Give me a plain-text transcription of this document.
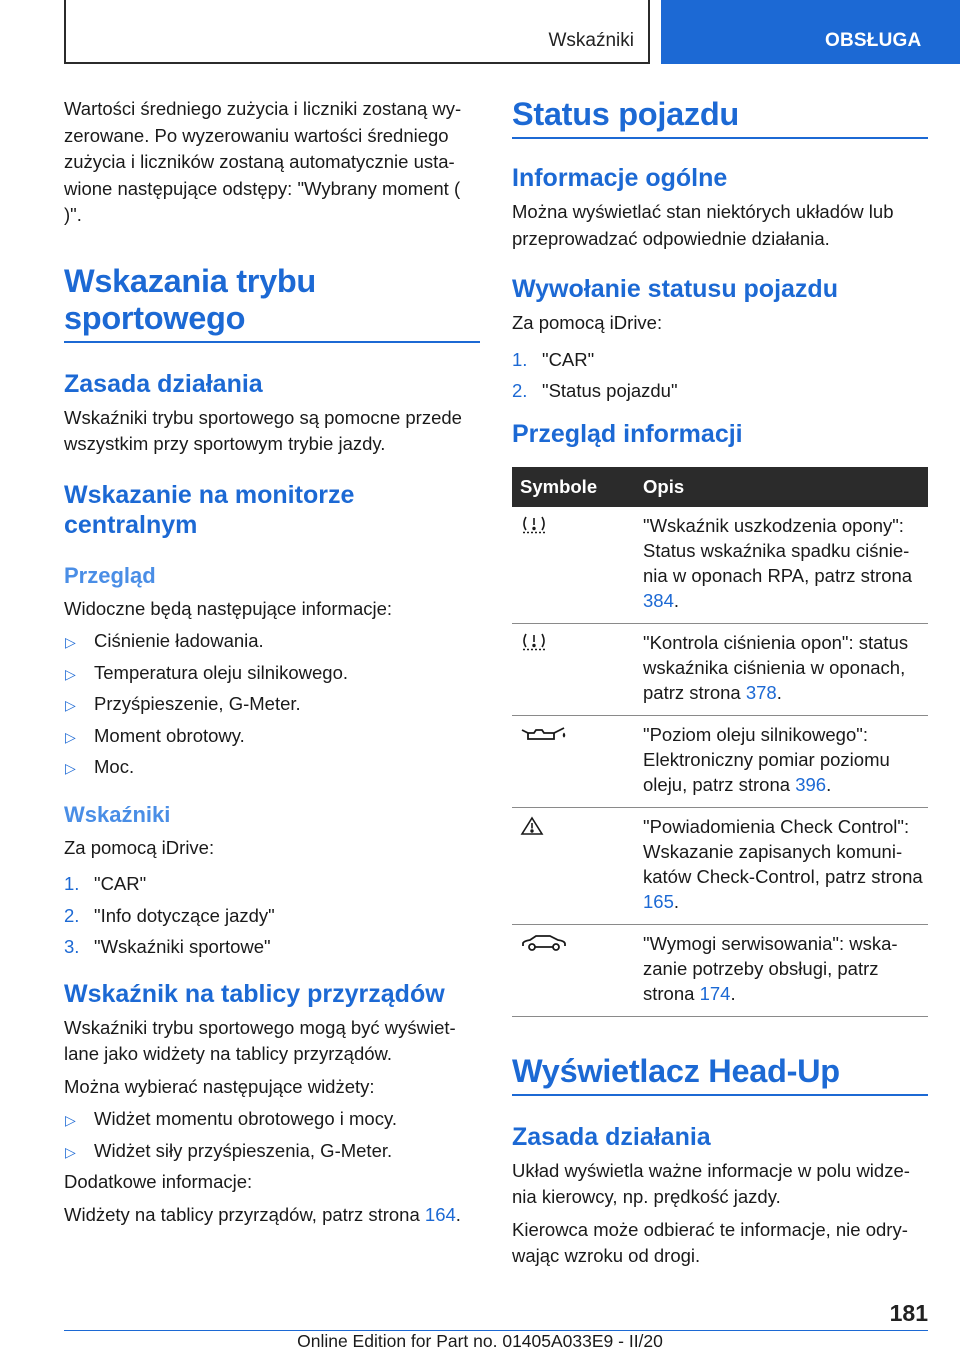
Wskaźniki	OBSŁUGA

Wartości średniego zużycia i liczniki zostaną wy-zerowane. Po wyzerowaniu wartości średniego zużycia i liczników zostaną automatycznie usta-wione następujące odstępy: "Wybrany moment ( )".

Wskazania trybu sportowego
Zasada działania

Wskaźniki trybu sportowego są pomocne przede wszystkim przy sportowym trybie jazdy.

Wskazanie na monitorze centralnym
Przegląd

Widoczne będą następujące informacje:

▷ Ciśnienie ładowania.
▷ Temperatura oleju silnikowego.
▷ Przyśpieszenie, G-Meter.
▷ Moment obrotowy.
▷ Moc.
Wskaźniki

Za pomocą iDrive:

1. "CAR"
2. "Info dotyczące jazdy"
3. "Wskaźniki sportowe"
Wskaźnik na tablicy przyrządów

Wskaźniki trybu sportowego mogą być wyświet-lane jako widżety na tablicy przyrządów.

Można wybierać następujące widżety:

▷ Widżet momentu obrotowego i mocy.
▷ Widżet siły przyśpieszenia, G-Meter.

Dodatkowe informacje:

Widżety na tablicy przyrządów, patrz strona 164.

Status pojazdu
Informacje ogólne

Można wyświetlać stan niektórych układów lub przeprowadzać odpowiednie działania.

Wywołanie statusu pojazdu

Za pomocą iDrive:

1. "CAR"
2. "Status pojazdu"
Przegląd informacji
Symbole	Opis

	"Wskaźnik uszkodzenia opony": Status wskaźnika spadku ciśnie-nia w oponach RPA, patrz strona 384.

	"Kontrola ciśnienia opon": status wskaźnika ciśnienia w oponach, patrz strona 378.

	"Poziom oleju silnikowego": Elektroniczny pomiar poziomu oleju, patrz strona 396.

	"Powiadomienia Check Control": Wskazanie zapisanych komuni-katów Check-Control, patrz strona 165.

	"Wymogi serwisowania": wska-zanie potrzeby obsługi, patrz strona 174.
Wyświetlacz Head-Up
Zasada działania

Układ wyświetla ważne informacje w polu widze-nia kierowcy, np. prędkość jazdy.

Kierowca może odbierać te informacje, nie odry-wając wzroku od drogi.

181
Online Edition for Part no. 01405A033E9 - II/20
